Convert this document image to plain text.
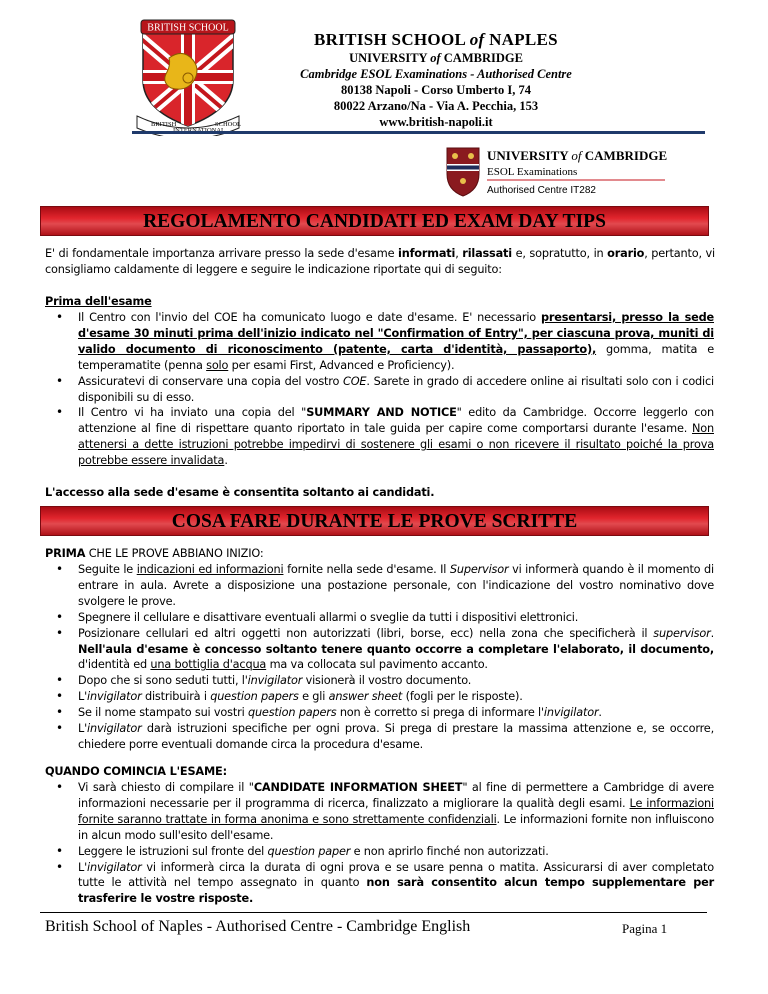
BRITISH SCHOOL
BRITISH	SCHOOL
BRITISH SCHOOL of NAPLES
UNIVERSITY of CAMBRIDGE
Cambridge ESOL Examinations - Authorised Centre
80138 Napoli - Corso Umberto I, 74
80022 Arzano/Na - Via A. Pecchia, 153
www.british-napoli.it
UNIVERSITY of CAMBRIDGE
ESOL Examinations
Authorised Centre IT282
REGOLAMENTO CANDIDATI ED EXAM DAY TIPS
E' di fondamentale importanza arrivare presso la sede d'esame informati, rilassati e, sopratutto, in orario, pertanto, vi consigliamo caldamente di leggere e seguire le indicazione riportate qui di seguito:
Prima dell'esame
• Il Centro con l'invio del COE ha comunicato luogo e date d'esame. E' necessario presentarsi, presso la sede d'esame 30 minuti prima dell'inizio indicato nel "Confirmation of Entry", per ciascuna prova, muniti di valido documento di riconoscimento (patente, carta d'identità, passaporto), gomma, matita e temperamatite (penna solo per esami First, Advanced e Proficiency).
• Assicuratevi di conservare una copia del vostro COE. Sarete in grado di accedere online ai risultati solo con i codici disponibili su di esso.
• Il Centro vi ha inviato una copia del "SUMMARY AND NOTICE" edito da Cambridge. Occorre leggerlo con attenzione al fine di rispettare quanto riportato in tale guida per capire come comportarsi durante l'esame. Non attenersi a dette istruzioni potrebbe impedirvi di sostenere gli esami o non ricevere il risultato poiché la prova potrebbe essere invalidata.
L'accesso alla sede d'esame è consentita soltanto ai candidati.
COSA FARE DURANTE LE PROVE SCRITTE
PRIMA CHE LE PROVE ABBIANO INIZIO:
• Seguite le indicazioni ed informazioni fornite nella sede d'esame. Il Supervisor vi informerà quando è il momento di entrare in aula. Avrete a disposizione una postazione personale, con l'indicazione del vostro nominativo dove svolgere le prove.
• Spegnere il cellulare e disattivare eventuali allarmi o sveglie da tutti i dispositivi elettronici.
• Posizionare cellulari ed altri oggetti non autorizzati (libri, borse, ecc) nella zona che specificherà il supervisor. Nell'aula d'esame è concesso soltanto tenere quanto occorre a completare l'elaborato, il documento, d'identità ed una bottiglia d'acqua ma va collocata sul pavimento accanto.
• Dopo che si sono seduti tutti, l'invigilator visionerà il vostro documento.
• L'invigilator distribuirà i question papers e gli answer sheet (fogli per le risposte).
• Se il nome stampato sui vostri question papers non è corretto si prega di informare l'invigilator.
• L'invigilator darà istruzioni specifiche per ogni prova. Si prega di prestare la massima attenzione e, se occorre, chiedere porre eventuali domande circa la procedura d'esame.
QUANDO COMINCIA L'ESAME:
• Vi sarà chiesto di compilare il "CANDIDATE INFORMATION SHEET" al fine di permettere a Cambridge di avere informazioni necessarie per il programma di ricerca, finalizzato a migliorare la qualità degli esami. Le informazioni fornite saranno trattate in forma anonima e sono strettamente confidenziali. Le informazioni fornite non influiscono in alcun modo sull'esito dell'esame.
• Leggere le istruzioni sul fronte del question paper e non aprirlo finché non autorizzati.
• L'invigilator vi informerà circa la durata di ogni prova e se usare penna o matita. Assicurarsi di aver completato tutte le attività nel tempo assegnato in quanto non sarà consentito alcun tempo supplementare per trasferire le vostre risposte.
British School of Naples - Authorised Centre - Cambridge English	Pagina 1
